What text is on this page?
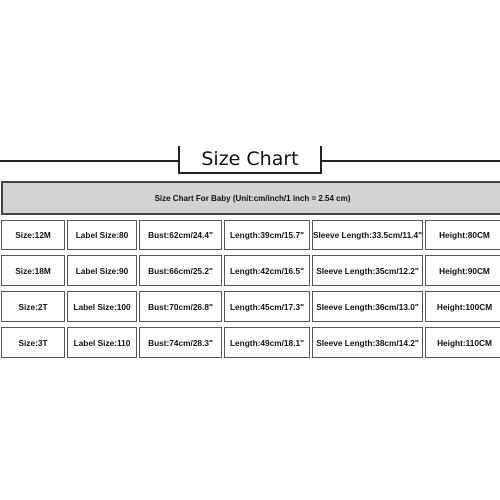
Size Chart
Size Chart For Baby (Unit:cm/inch/1 inch = 2.54 cm)
Size:12M	Label Size:80	Bust:62cm/24.4"	Length:39cm/15.7"	Sleeve Length:33.5cm/11.4"	Height:80CM
Size:18M	Label Size:90	Bust:66cm/25.2"	Length:42cm/16.5"	Sleeve Length:35cm/12.2"	Height:90CM
Size:2T	Label Size:100	Bust:70cm/26.8"	Length:45cm/17.3"	Sleeve Length:36cm/13.0"	Height:100CM
Size:3T	Label Size:110	Bust:74cm/28.3"	Length:49cm/18.1"	Sleeve Length:38cm/14.2"	Height:110CM
